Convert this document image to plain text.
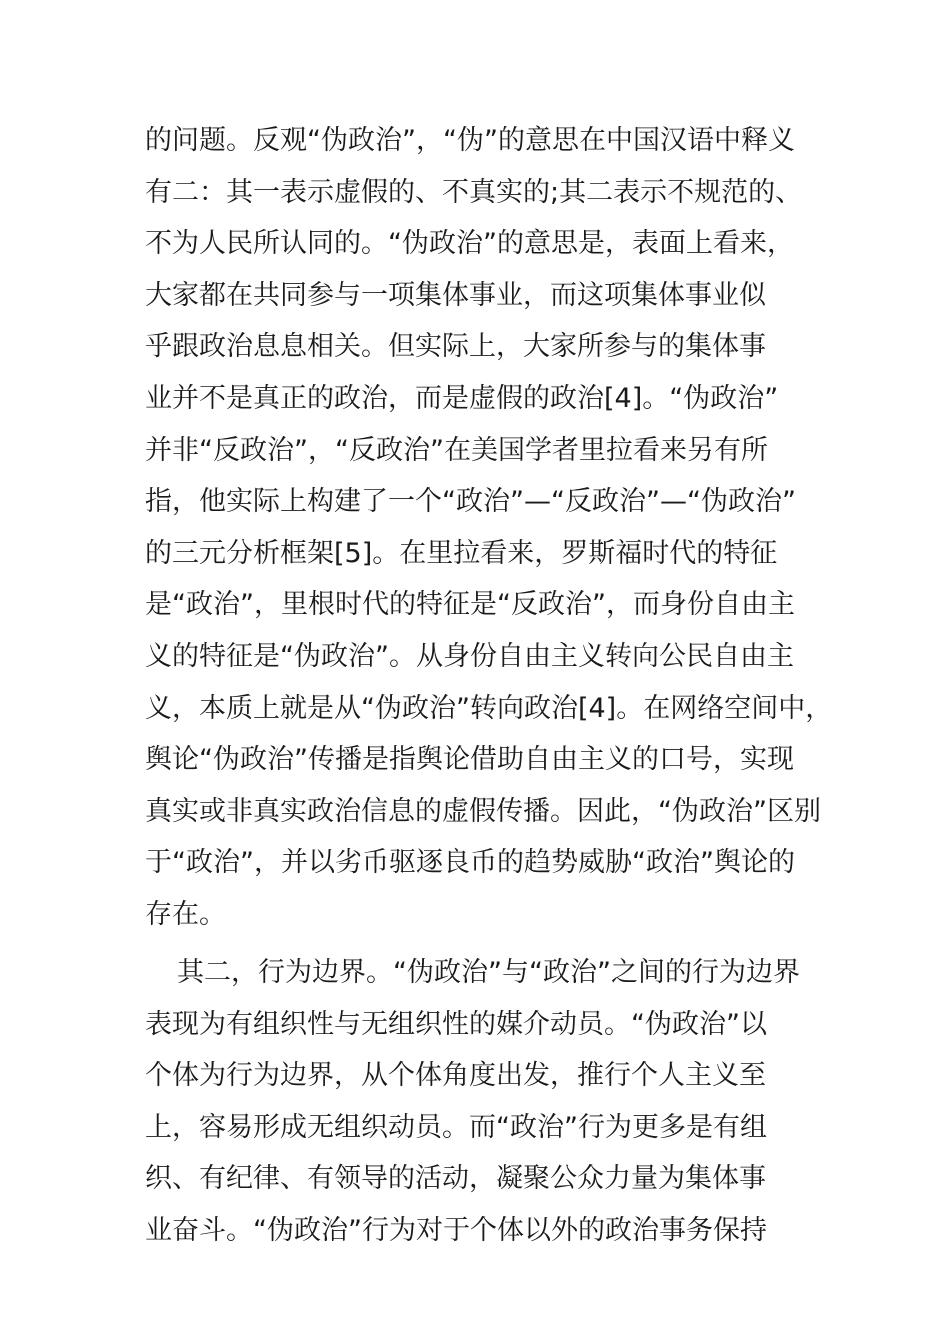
的问题。反观“伪政治”，“伪”的意思在中国汉语中释义
有二：其一表示虚假的、不真实的;其二表示不规范的、
不为人民所认同的。“伪政治”的意思是，表面上看来，
大家都在共同参与一项集体事业，而这项集体事业似
乎跟政治息息相关。但实际上，大家所参与的集体事
业并不是真正的政治，而是虚假的政治[4]。“伪政治”
并非“反政治”，“反政治”在美国学者里拉看来另有所
指，他实际上构建了一个“政治”—“反政治”—“伪政治”
的三元分析框架[5]。在里拉看来，罗斯福时代的特征
是“政治”，里根时代的特征是“反政治”，而身份自由主
义的特征是“伪政治”。从身份自由主义转向公民自由主
义，本质上就是从“伪政治”转向政治[4]。在网络空间中，
舆论“伪政治”传播是指舆论借助自由主义的口号，实现
真实或非真实政治信息的虚假传播。因此，“伪政治”区别
于“政治”，并以劣币驱逐良币的趋势威胁“政治”舆论的
存在。
其二，行为边界。“伪政治”与“政治”之间的行为边界
表现为有组织性与无组织性的媒介动员。“伪政治”以
个体为行为边界，从个体角度出发，推行个人主义至
上，容易形成无组织动员。而“政治”行为更多是有组
织、有纪律、有领导的活动，凝聚公众力量为集体事
业奋斗。“伪政治”行为对于个体以外的政治事务保持
